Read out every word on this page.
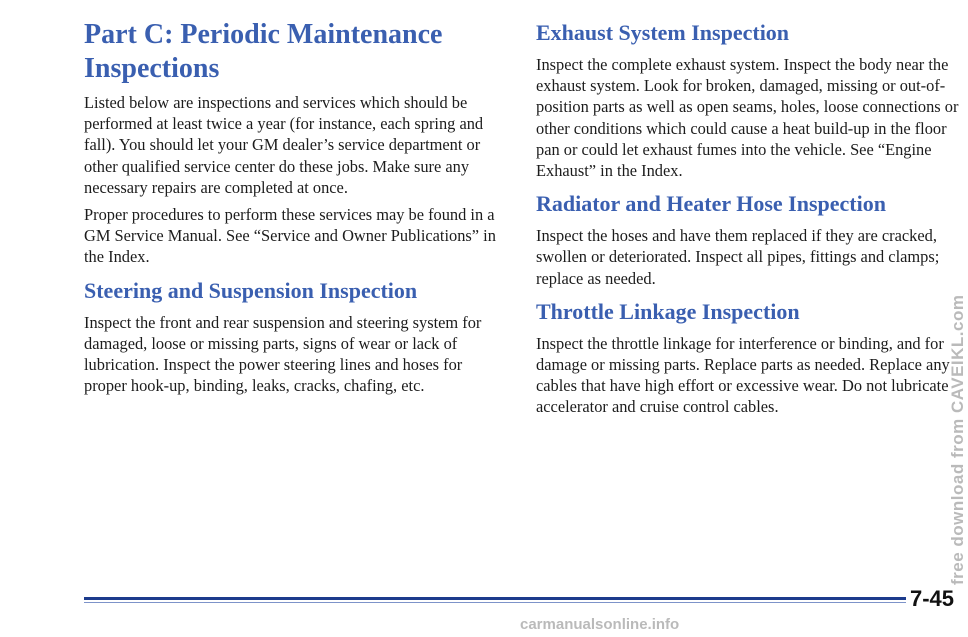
Part C: Periodic Maintenance Inspections

Listed below are inspections and services which should be performed at least twice a year (for instance, each spring and fall). You should let your GM dealer’s service department or other qualified service center do these jobs. Make sure any necessary repairs are completed at once.

Proper procedures to perform these services may be found in a GM Service Manual. See “Service and Owner Publications” in the Index.

Steering and Suspension Inspection

Inspect the front and rear suspension and steering system for damaged, loose or missing parts, signs of wear or lack of lubrication. Inspect the power steering lines and hoses for proper hook-up, binding, leaks, cracks, chafing, etc.

Exhaust System Inspection

Inspect the complete exhaust system. Inspect the body near the exhaust system. Look for broken, damaged, missing or out-of-position parts as well as open seams, holes, loose connections or other conditions which could cause a heat build-up in the floor pan or could let exhaust fumes into the vehicle. See “Engine Exhaust” in the Index.

Radiator and Heater Hose Inspection

Inspect the hoses and have them replaced if they are cracked, swollen or deteriorated. Inspect all pipes, fittings and clamps; replace as needed.

Throttle Linkage Inspection

Inspect the throttle linkage for interference or binding, and for damage or missing parts. Replace parts as needed. Replace any cables that have high effort or excessive wear. Do not lubricate accelerator and cruise control cables.

7-45
free download from CAVEIKL.com
carmanualsonline.info
